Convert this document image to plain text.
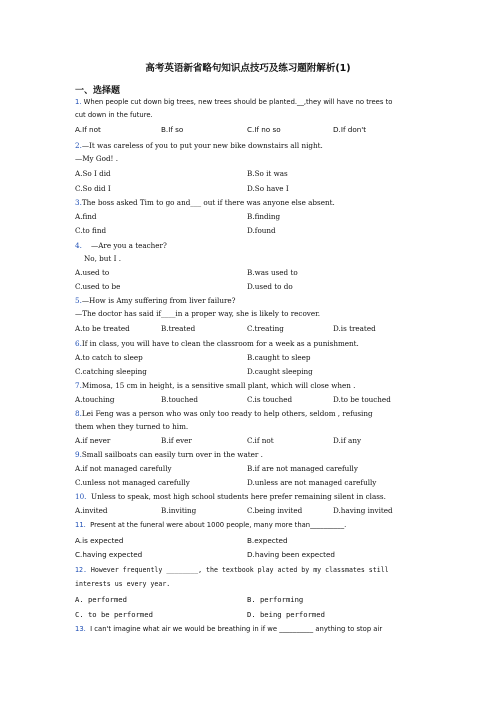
高考英语新省略句知识点技巧及练习题附解析(1)
一、选择题
1. When people cut down big trees, new trees should be planted.__,they will have no trees to
cut down in the future.
A.If not	B.If so	C.If no so	D.If don't
2.—It was careless of you to put your new bike downstairs all night.
—My God! .
A.So I did	B.So it was
C.So did I	D.So have I
3.The boss asked Tim to go and___ out if there was anyone else absent.
A.find	B.finding
C.to find	D.found
4. —Are you a teacher?
No, but I .
A.used to	B.was used to
C.used to be	D.used to do
5.—How is Amy suffering from liver failure?
—The doctor has said if____in a proper way, she is likely to recover.
A.to be treated	B.treated	C.treating	D.is treated
6.If in class, you will have to clean the classroom for a week as a punishment.
A.to catch to sleep	B.caught to sleep
C.catching sleeping	D.caught sleeping
7.Mimosa, 15 cm in height, is a sensitive small plant, which will close when .
A.touching	B.touched	C.is touched	D.to be touched
8.Lei Feng was a person who was only too ready to help others, seldom , refusing
them when they turned to him.
A.if never	B.if ever	C.if not	D.if any
9.Small sailboats can easily turn over in the water .
A.if not managed carefully	B.if are not managed carefully
C.unless not managed carefully	D.unless are not managed carefully
10. Unless to speak, most high school students here prefer remaining silent in class.
A.invited	B.inviting	C.being invited	D.having invited
11. Present at the funeral were about 1000 people, many more than__________.
A.is expected	B.expected
C.having expected	D.having been expected
12. However frequently ________, the textbook play acted by my classmates still
interests us every year.
A. performed	B. performing
C. to be performed	D. being performed
13. I can't imagine what air we would be breathing in if we __________ anything to stop air
